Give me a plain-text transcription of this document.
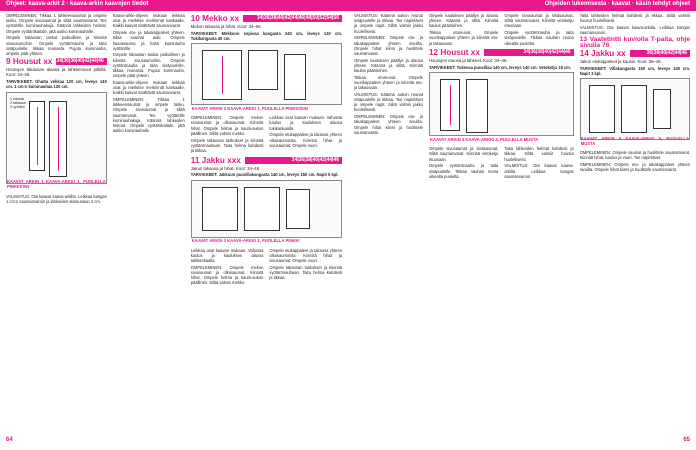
Ohjeet: kaava-arkit 2 · kaava-arkin kaavojen tiedot	Ohjeiden lukemisesta · kaavat · käsin tehdyt ohjeet

OMPELEMINEN: Tikkaa 1 lahkeensaumat ja ompele tasku. Ompele sivusaumat ja silitä saumanvarat. Tee vyötärölle kuminauhakuja. Käännä lahkeiden helmat. Ompele vyötärökaitale, jätä aukko kuminauhalle.

Ompele takaosan taskut paikoilleen ja kiinnitä sivusaumoihin. Ompele vyötärönauha ja taita sisäpuolelle, tikkaa reunasta. Pujota kuminauha, ompele päät yhteen.

9 Housut xx 34|36|38|40|42|44|46

Housujen takaosan alaosa ja lahkeensuut pitkillä. Koot: 34–46.

TARVIKKEET: Ohutta vekkaa 120 cm, leveys 140 cm. 1 cm:n kuminauhaa 120 cm.

1 edusta
2 takaosa
3 vyötärö
KAAVAT ARKIN 1 KAAVA-ARKKI 1, PUOLELLA PINKKI/SIN

VALMISTUS: Ota kaavat kaava-arkilta. Leikkaa kangas 1 cm:n saumanvaroin ja lahkeiden alareunaan 3 cm.

Kaava-arkki-ohjeen mukaan leikkaa osat ja merkitse merkinnät kankaalle. Kaikki kaavat sisältävät saumanvarat.

Ompele etu- ja takakappaleet yhteen. Silitä saumat auki. Ompele haarasauma ja lisää kuminauha vyötärölle.

Ompele takaosan taskut paikoilleen ja kiinnitä sivusaumoihin. Ompele vyötärönauha ja taita sisäpuolelle, tikkaa reunasta. Pujota kuminauha, ompele päät yhteen.

Kaava-arkki-ohjeen mukaan leikkaa osat ja merkitse merkinnät kankaalle. Kaikki kaavat sisältävät saumanvarat.

OMPELEMINEN: Tikkaa 1 lahkeensaumat ja ompele tasku. Ompele sivusaumat ja silitä saumanvarat. Tee vyötärölle kuminauhakuja. Käännä lahkeiden helmat. Ompele vyötärökaitale, jätä aukko kuminauhalle.

10 Mekko xx	34|36|38|40|42|44|46|48|50|52|54|56

Mekon takaosa ja hihat. Koot: 34–56.

TARVIKKEET: Mekkoon sopivaa kangasta 240 cm, leveys 140 cm. Tukikangasta 40 cm.

KAAVAT ARKIN 2 KAAVA-ARKKI 2, PUOLELLA PINKKI/SIN

OMPELEMINEN: Ompele mekon sivusaumat ja olkasaumat. Kiinnitä hihat. Ompele helma ja kaula-aukon päällinen. Silitä valmis mekko.

Ompele takaosan laskokset ja kiinnitä vyötärönauhaan. Taita helma kahdesti ja tikkaa.

Leikkaa osat kaavan mukaan. Vahvista kaulus ja kauluksen alaosa tukikankaalla.

Ompele etukappaleet ja takaosa yhteen olkasaumoista. Kiinnitä hihat ja sivusaumat. Ompele vuori.

11 Jakku xxx	34|36|38|40|42|44|46

Jakun takaosa ja hihat. Koot: 34–46.

TARVIKKEET: Jakkuun puuvillakangasta 140 cm, leveys 150 cm. Napit 5 kpl.

KAAVAT ARKIN 3 KAAVA-ARKKI 3, PUOLELLA PINKKI

Leikkaa osat kaavan mukaan. Vahvista kaulus ja kauluksen alaosa tukikankaalla.

OMPELEMINEN: Ompele mekon sivusaumat ja olkasaumat. Kiinnitä hihat. Ompele helma ja kaula-aukon päällinen. Silitä valmis mekko.

Ompele etukappaleet ja takaosa yhteen olkasaumoista. Kiinnitä hihat ja sivusaumat. Ompele vuori.

Ompele takaosan laskokset ja kiinnitä vyötärönauhaan. Taita helma kahdesti ja tikkaa.

64

VALMISTUS: Käännä aukon reunat sisäpuolelle ja tikkaa. Tee napinlävet ja ompele napit. Silitä valmis jakku huolellisesti.

OMPELEMINEN: Ompele etu- ja takakappaleet yhteen sivuilta. Ompele hihat kiinni ja huolittele saumanvarat.

Ompele kauluksen päällys ja alaosa yhteen. Käännä ja silitä. Kiinnitä kaulus pääntiehen.

Tikkaa etureunat. Ompele vuorikappaleet yhteen ja kiinnitä etu- ja takaosaan.

VALMISTUS: Käännä aukon reunat sisäpuolelle ja tikkaa. Tee napinlävet ja ompele napit. Silitä valmis jakku huolellisesti.

OMPELEMINEN: Ompele etu- ja takakappaleet yhteen sivuilta. Ompele hihat kiinni ja huolittele saumanvarat.

Ompele kauluksen päällys ja alaosa yhteen. Käännä ja silitä. Kiinnitä kaulus pääntiehen.

Tikkaa etureunat. Ompele vuorikappaleet yhteen ja kiinnitä etu- ja takaosaan.

Ompele sivusaumat ja sisäsaumat. Silitä saumanvarat. Kiinnitä vetoketju etuosaan.

Ompele vyötärönauha ja taita sisäpuolelle. Tikkaa nauhan reuna oikealta puolelta.

12 Housut xx	34|36|38|40|42|44|46

Housujen etuosa ja lahkeet. Koot: 34–46.

TARVIKKEET: Tukevaa puuvillaa 140 cm, leveys 140 cm. Vetoketju 18 cm.

KAAVAT ARKIN 4 KAAVA-ARKKI 4, PUOLELLA MUSTA

Ompele sivusaumat ja sisäsaumat. Silitä saumanvarat. Kiinnitä vetoketju etuosaan.

Ompele vyötärönauha ja taita sisäpuolelle. Tikkaa nauhan reuna oikealta puolelta.

Taita lahkeiden helmat kahdesti ja tikkaa. Silitä valmiit housut huolellisesti.

VALMISTUS: Ota kaavat kaava-arkilta. Leikkaa kangas saumanvaroin.

Taita lahkeiden helmat kahdesti ja tikkaa. Silitä valmiit housut huolellisesti.

VALMISTUS: Ota kaavat kaava-arkilta. Leikkaa kangas saumanvaroin.

13 Vaatetintti kuviolla T-paita, ohje sivulla 76
14 Jakku xx	36|38|40|42|44|46

Jakun etukappaleet ja kaulus. Koot: 36–46.

TARVIKKEET: Villakangasta 150 cm, leveys 140 cm. Napit 3 kpl.

KAAVAT ARKIN 5 KAAVA-ARKKI 5, PUOLELLA MUSTA

OMPELEMINEN: Ompele saumat ja huolittele saumanvarat. Kiinnitä hihat, kaulus ja vuori. Tee napinlävet.

OMPELEMINEN: Ompele etu- ja takakappaleet yhteen sivuilta. Ompele hihat kiinni ja huolittele saumanvarat.

65
